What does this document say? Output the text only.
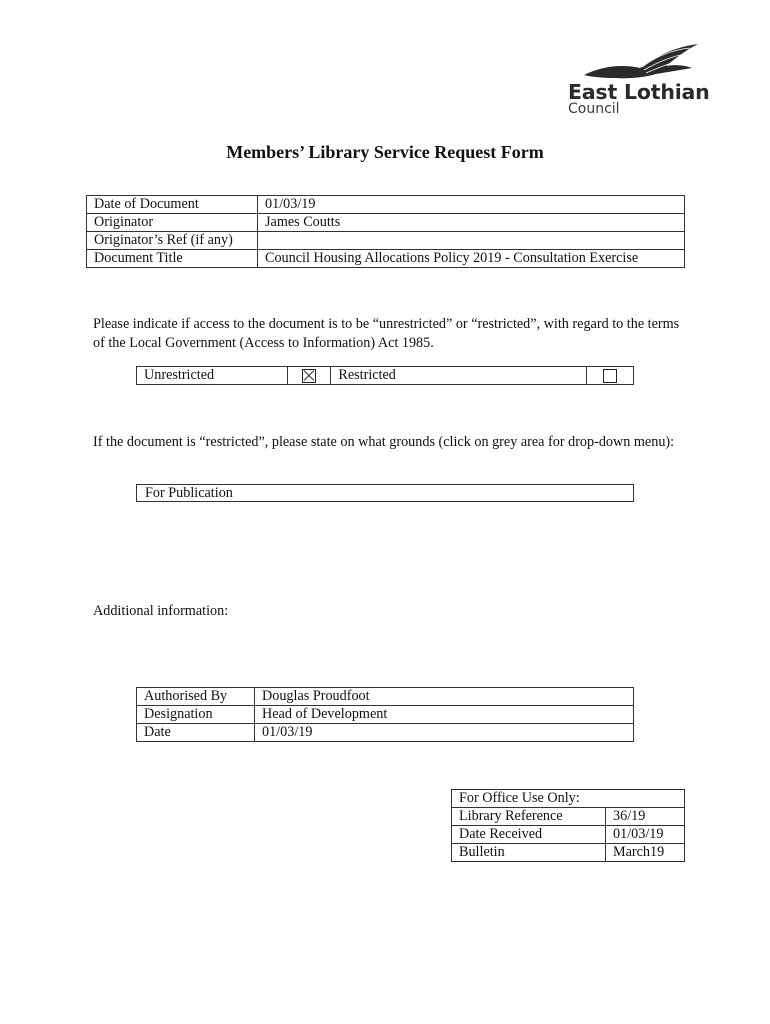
East Lothian
Council
Members’ Library Service Request Form
Date of Document	01/03/19
Originator	James Coutts
Originator’s Ref (if any)	
Document Title	Council Housing Allocations Policy 2019 - Consultation Exercise
Please indicate if access to the document is to be “unrestricted” or “restricted”, with regard to the terms of the Local Government (Access to Information) Act 1985.
Unrestricted		Restricted	
If the document is “restricted”, please state on what grounds (click on grey area for drop-down menu):
For Publication
Additional information:
Authorised By	Douglas Proudfoot
Designation	Head of Development
Date	01/03/19
For Office Use Only:	
Library Reference	36/19
Date Received	01/03/19
Bulletin	March19
